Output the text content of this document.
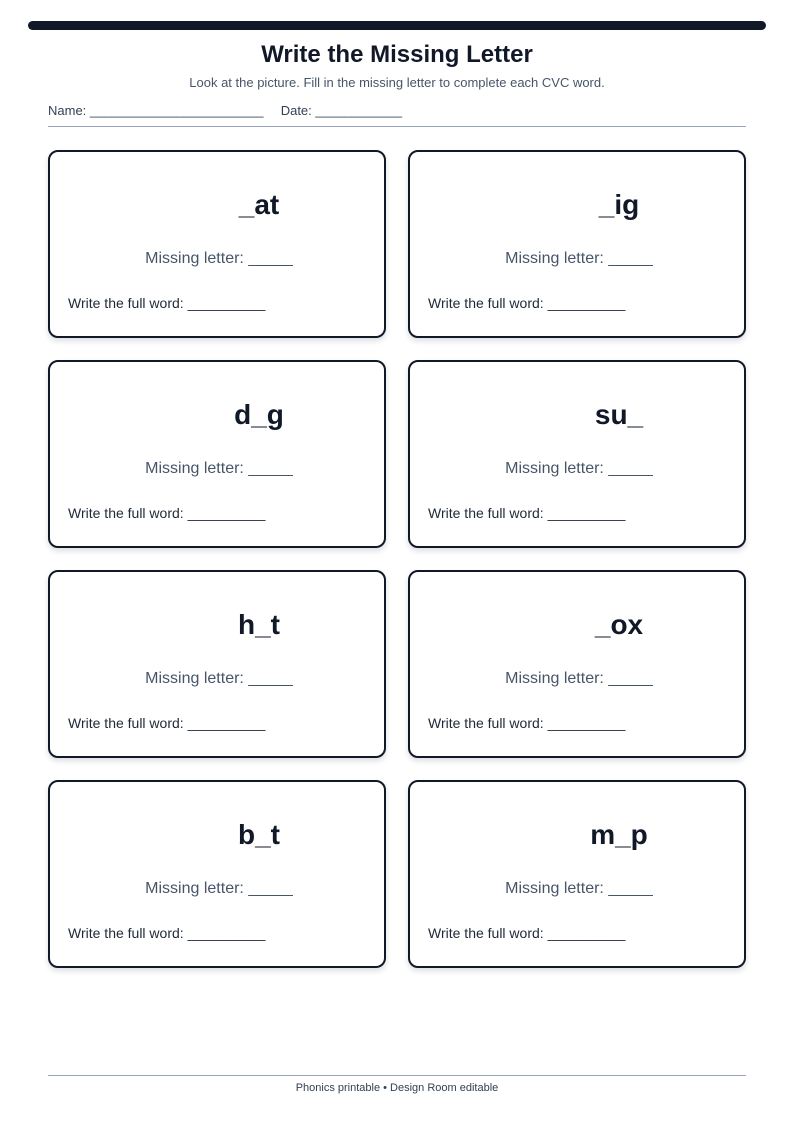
Write the Missing Letter
Look at the picture. Fill in the missing letter to complete each CVC word.
Name: ________________________ Date: ____________
_at
Missing letter: _____
Write the full word: __________
_ig
Missing letter: _____
Write the full word: __________
d_g
Missing letter: _____
Write the full word: __________
su_
Missing letter: _____
Write the full word: __________
h_t
Missing letter: _____
Write the full word: __________
_ox
Missing letter: _____
Write the full word: __________
b_t
Missing letter: _____
Write the full word: __________
m_p
Missing letter: _____
Write the full word: __________
Phonics printable • Design Room editable
